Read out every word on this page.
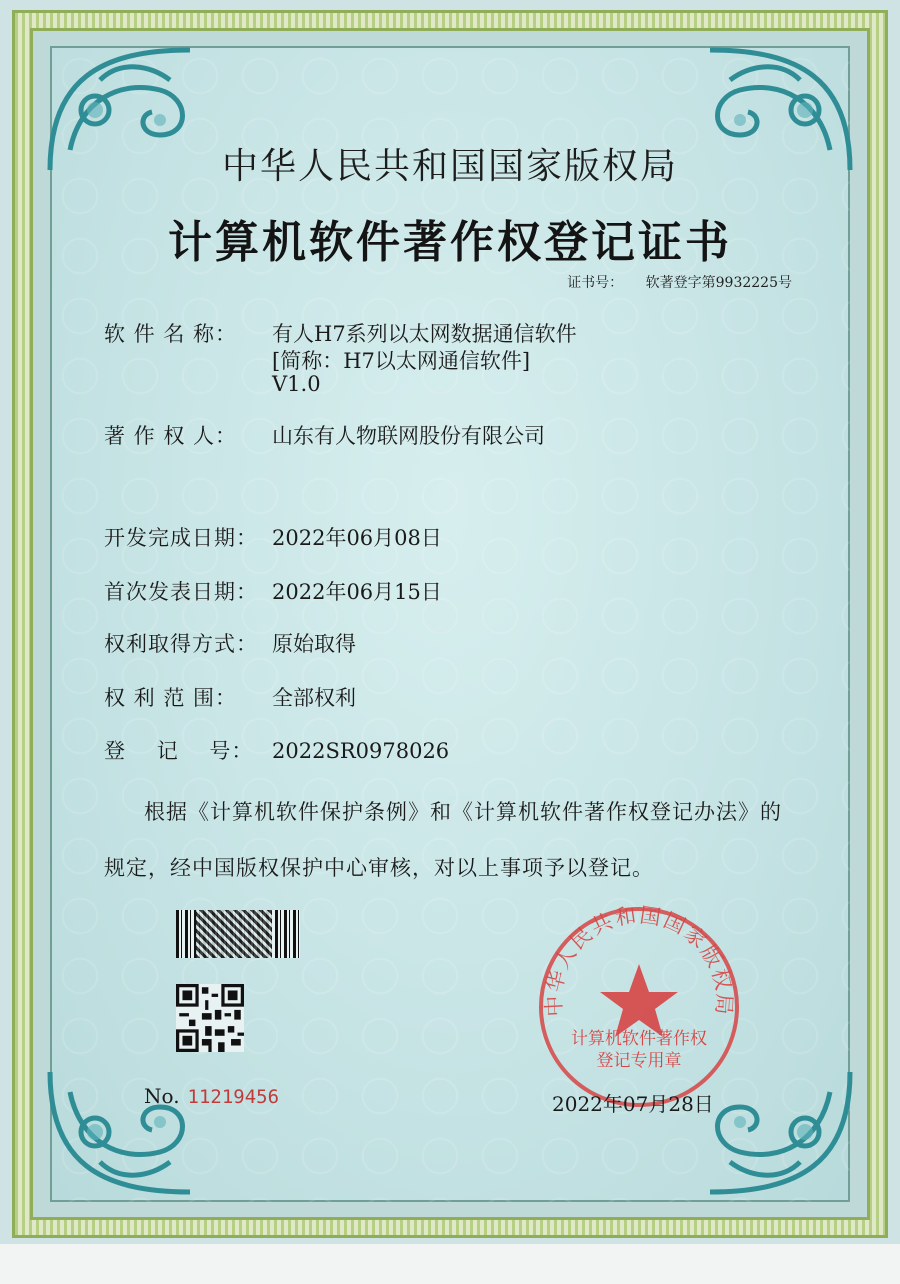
中华人民共和国国家版权局
计算机软件著作权登记证书
证书号： 软著登字第9932225号
软 件 名 称： 有人H7系列以太网数据通信软件
[简称：H7以太网通信软件]
V1.0
著 作 权 人： 山东有人物联网股份有限公司
开发完成日期： 2022年06月08日
首次发表日期： 2022年06月15日
权利取得方式： 原始取得
权 利 范 围： 全部权利
登    记    号： 2022SR0978026
根据《计算机软件保护条例》和《计算机软件著作权登记办法》的
规定，经中国版权保护中心审核，对以上事项予以登记。
No. 11219456
中华人民共和国国家版权局
计算机软件著作权
登记专用章
2022年07月28日
